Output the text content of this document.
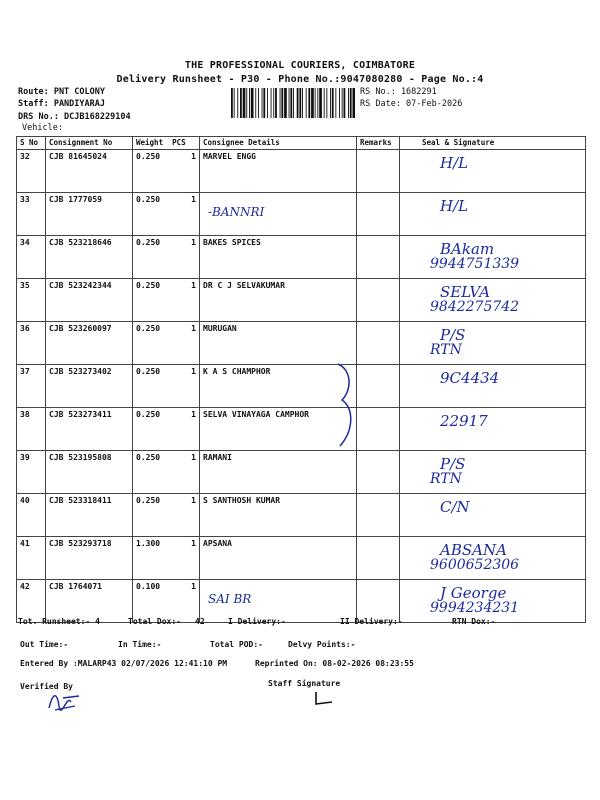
THE PROFESSIONAL COURIERS, COIMBATORE
Delivery Runsheet - P30 - Phone No.:9047080280 - Page No.:4
Route: PNT COLONY
Staff: PANDIYARAJ
DRS No.: DCJB168229104
Vehicle:
RS No.: 1682291
RS Date: 07-Feb-2026
S No	Consignment No	Weight PCS	Consignee Details	Remarks	Seal & Signature
32	CJB 81645024	0.250 1	MARVEL ENGG		H/L

33	CJB 1777059	0.250 1	-BANNRI		H/L

34	CJB 523218646	0.250 1	BAKES SPICES		BAkam
9944751339

35	CJB 523242344	0.250 1	DR C J SELVAKUMAR		SELVA
9842275742

36	CJB 523260097	0.250 1	MURUGAN		P/S
RTN

37	CJB 523273402	0.250 1	K A S CHAMPHOR		9C4434

38	CJB 523273411	0.250 1	SELVA VINAYAGA CAMPHOR		22917

39	CJB 523195808	0.250 1	RAMANI		P/S
RTN

40	CJB 523318411	0.250 1	S SANTHOSH KUMAR		C/N

41	CJB 523293718	1.300 1	APSANA		ABSANA
9600652306

42	CJB 1764071	0.100 1	SAI BR		J George
9994234231
Tot. Runsheet:- 4	Total Dox:- 42	I Delivery:-	II Delivery:-	RTN Dox:-
Out Time:-	In Time:-	Total POD:-	Delvy Points:-
Entered By :MALARP43 02/07/2026 12:41:10 PM	Reprinted On: 08-02-2026 08:23:55
Verified By	Staff Signature
